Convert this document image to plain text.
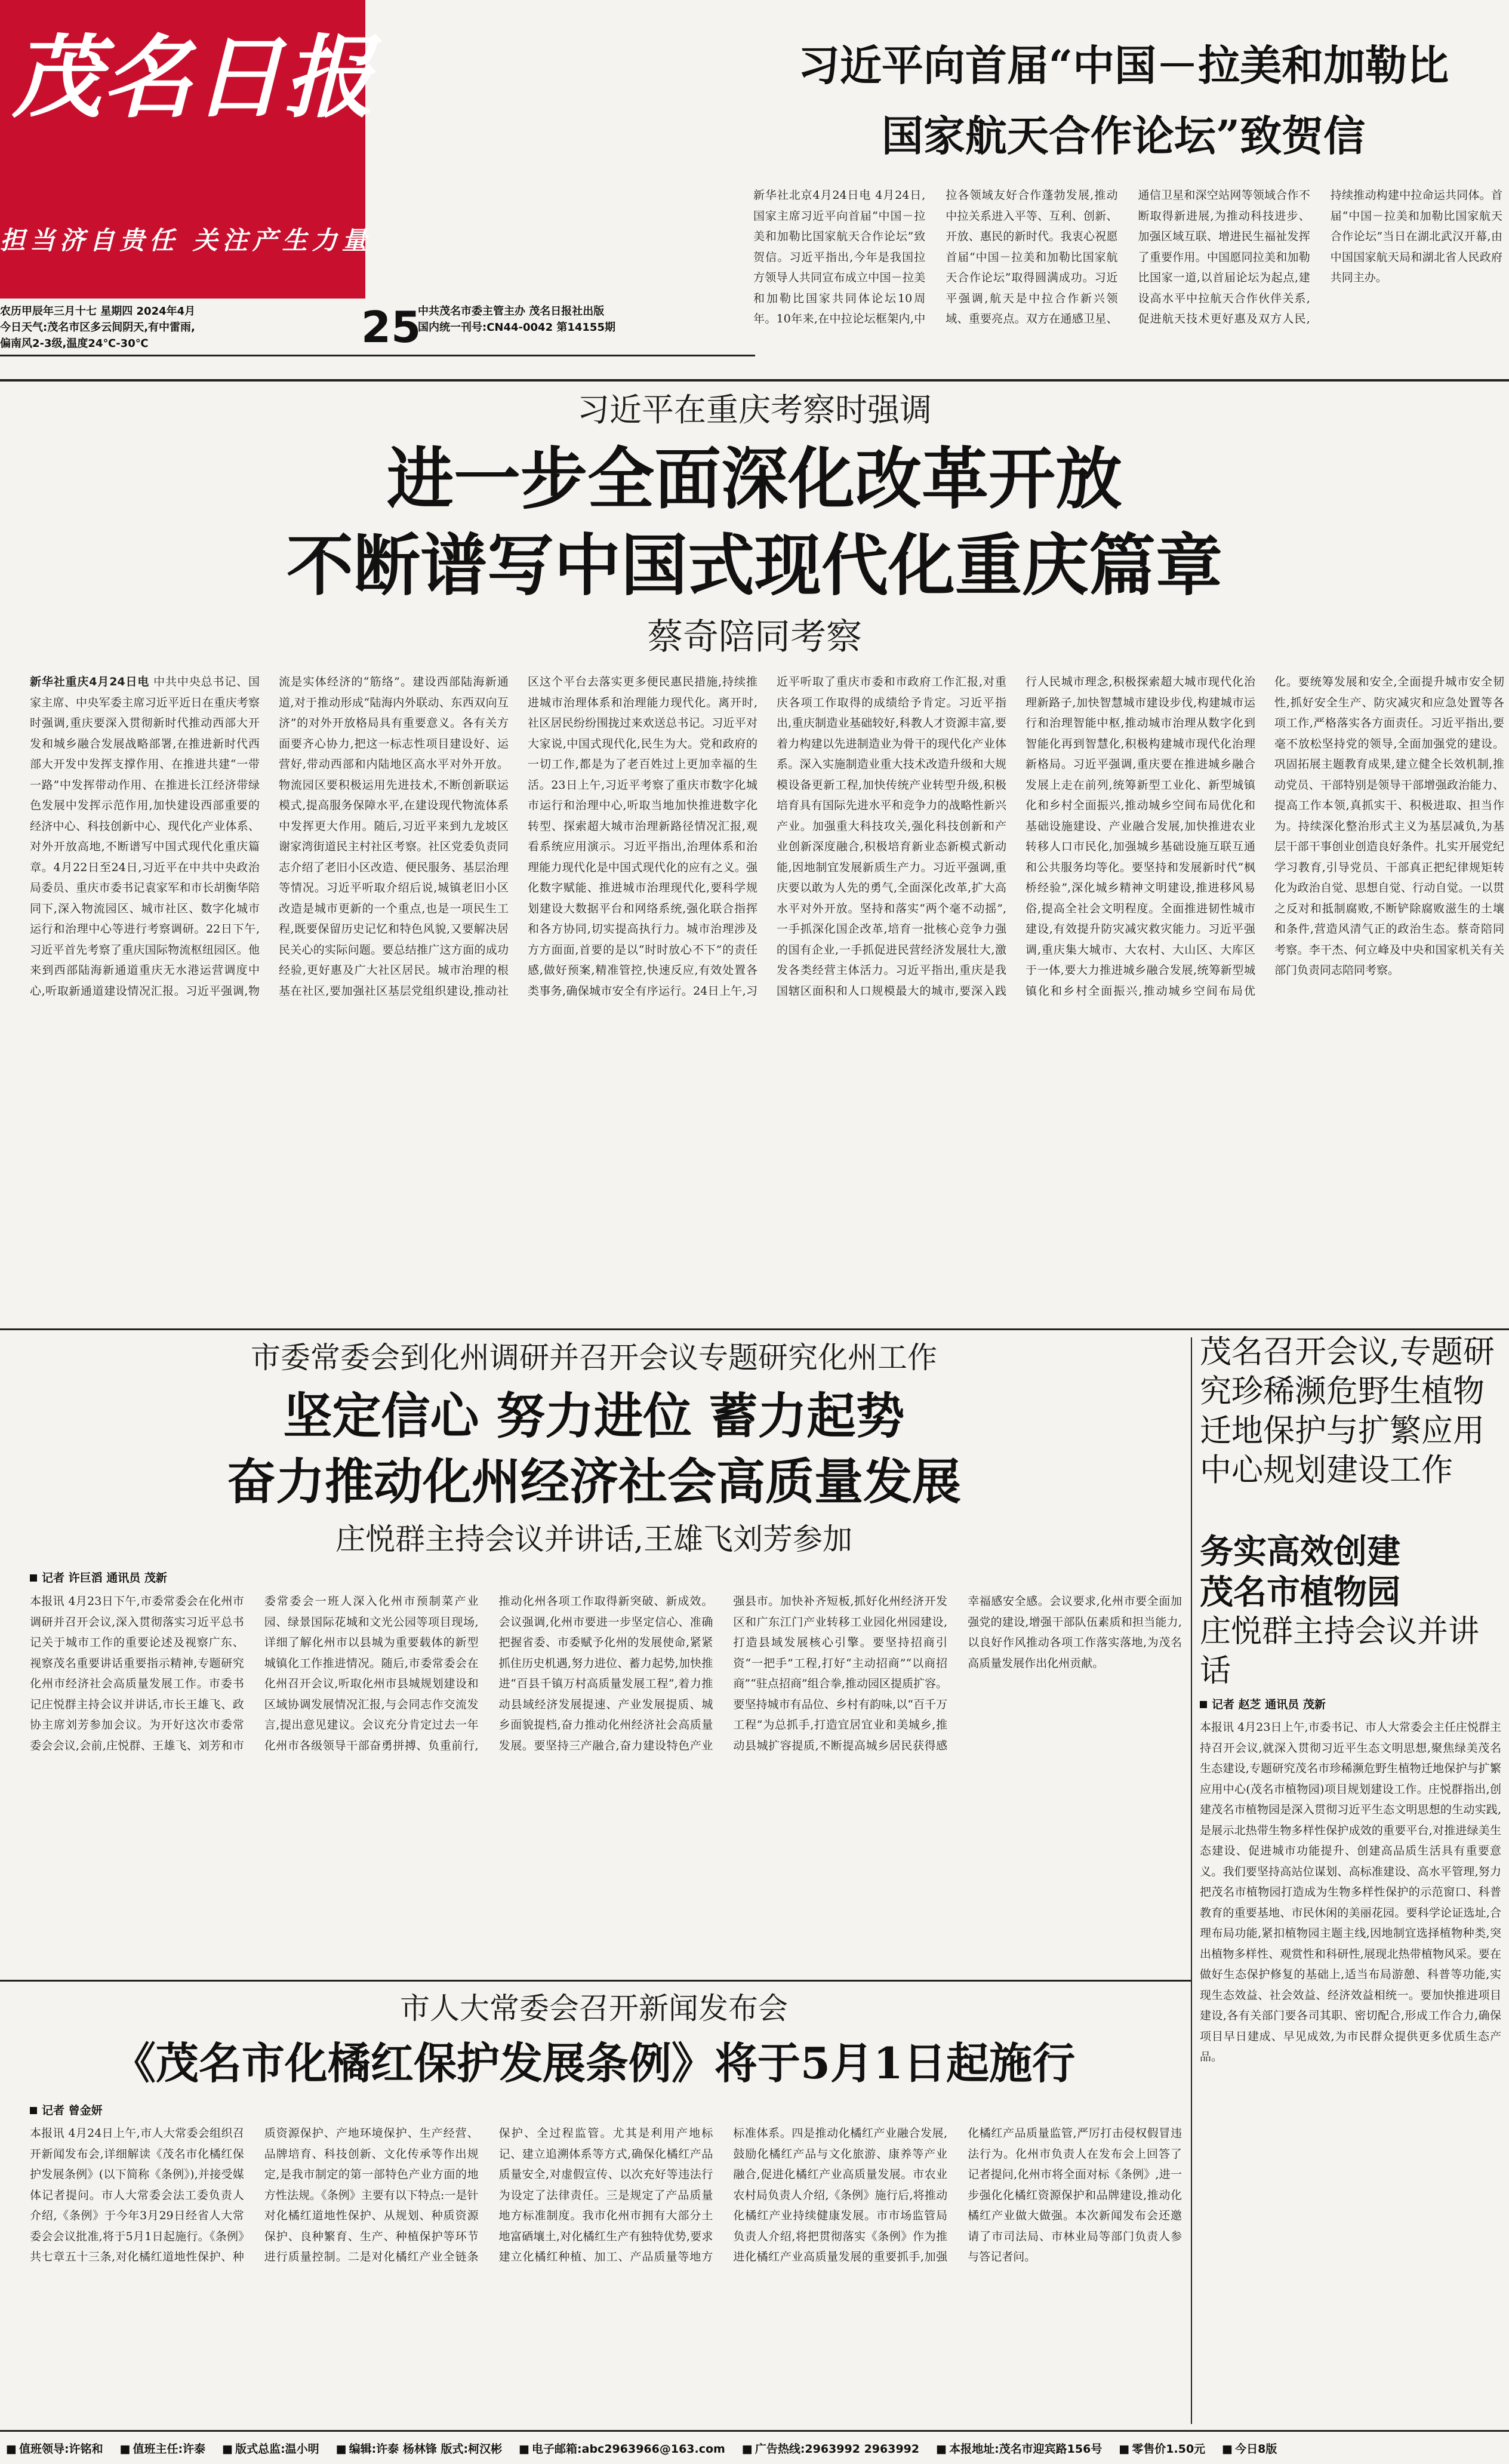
茂名日报
担当济自贵任 关注产生力量
农历甲辰年三月十七 星期四 2024年4月
今日天气:茂名市区多云间阴天,有中雷雨,
偏南风2-3级,温度24℃-30℃	25
中共茂名市委主管主办 茂名日报社出版
国内统一刊号:CN44-0042 第14155期
习近平向首届“中国－拉美和加勒比
国家航天合作论坛”致贺信
新华社北京4月24日电 4月24日,国家主席习近平向首届“中国－拉美和加勒比国家航天合作论坛”致贺信。习近平指出,今年是我国拉方领导人共同宣布成立中国－拉美和加勒比国家共同体论坛10周年。10年来,在中拉论坛框架内,中拉各领域友好合作蓬勃发展,推动中拉关系进入平等、互利、创新、开放、惠民的新时代。我衷心祝愿首届“中国－拉美和加勒比国家航天合作论坛”取得圆满成功。习近平强调,航天是中拉合作新兴领域、重要亮点。双方在通感卫星、通信卫星和深空站网等领域合作不断取得新进展,为推动科技进步、加强区域互联、增进民生福祉发挥了重要作用。中国愿同拉美和加勒比国家一道,以首届论坛为起点,建设高水平中拉航天合作伙伴关系,促进航天技术更好惠及双方人民,持续推动构建中拉命运共同体。首届“中国－拉美和加勒比国家航天合作论坛”当日在湖北武汉开幕,由中国国家航天局和湖北省人民政府共同主办。
习近平在重庆考察时强调
进一步全面深化改革开放
不断谱写中国式现代化重庆篇章
蔡奇陪同考察
新华社重庆4月24日电 中共中央总书记、国家主席、中央军委主席习近平近日在重庆考察时强调,重庆要深入贯彻新时代推动西部大开发和城乡融合发展战略部署,在推进新时代西部大开发中发挥支撑作用、在推进共建“一带一路”中发挥带动作用、在推进长江经济带绿色发展中发挥示范作用,加快建设西部重要的经济中心、科技创新中心、现代化产业体系、对外开放高地,不断谱写中国式现代化重庆篇章。4月22日至24日,习近平在中共中央政治局委员、重庆市委书记袁家军和市长胡衡华陪同下,深入物流园区、城市社区、数字化城市运行和治理中心等进行考察调研。22日下午,习近平首先考察了重庆国际物流枢纽园区。他来到西部陆海新通道重庆无水港运营调度中心,听取新通道建设情况汇报。习近平强调,物流是实体经济的“筋络”。建设西部陆海新通道,对于推动形成“陆海内外联动、东西双向互济”的对外开放格局具有重要意义。各有关方面要齐心协力,把这一标志性项目建设好、运营好,带动西部和内陆地区高水平对外开放。物流园区要积极运用先进技术,不断创新联运模式,提高服务保障水平,在建设现代物流体系中发挥更大作用。随后,习近平来到九龙坡区谢家湾街道民主村社区考察。社区党委负责同志介绍了老旧小区改造、便民服务、基层治理等情况。习近平听取介绍后说,城镇老旧小区改造是城市更新的一个重点,也是一项民生工程,既要保留历史记忆和特色风貌,又要解决居民关心的实际问题。要总结推广这方面的成功经验,更好惠及广大社区居民。城市治理的根基在社区,要加强社区基层党组织建设,推动社区这个平台去落实更多便民惠民措施,持续推进城市治理体系和治理能力现代化。离开时,社区居民纷纷围拢过来欢送总书记。习近平对大家说,中国式现代化,民生为大。党和政府的一切工作,都是为了老百姓过上更加幸福的生活。23日上午,习近平考察了重庆市数字化城市运行和治理中心,听取当地加快推进数字化转型、探索超大城市治理新路径情况汇报,观看系统应用演示。习近平指出,治理体系和治理能力现代化是中国式现代化的应有之义。强化数字赋能、推进城市治理现代化,要科学规划建设大数据平台和网络系统,强化联合指挥和各方协同,切实提高执行力。城市治理涉及方方面面,首要的是以“时时放心不下”的责任感,做好预案,精准管控,快速反应,有效处置各类事务,确保城市安全有序运行。24日上午,习近平听取了重庆市委和市政府工作汇报,对重庆各项工作取得的成绩给予肯定。习近平指出,重庆制造业基础较好,科教人才资源丰富,要着力构建以先进制造业为骨干的现代化产业体系。深入实施制造业重大技术改造升级和大规模设备更新工程,加快传统产业转型升级,积极培育具有国际先进水平和竞争力的战略性新兴产业。加强重大科技攻关,强化科技创新和产业创新深度融合,积极培育新业态新模式新动能,因地制宜发展新质生产力。习近平强调,重庆要以敢为人先的勇气,全面深化改革,扩大高水平对外开放。坚持和落实“两个毫不动摇”,一手抓深化国企改革,培育一批核心竞争力强的国有企业,一手抓促进民营经济发展壮大,激发各类经营主体活力。习近平指出,重庆是我国辖区面积和人口规模最大的城市,要深入践行人民城市理念,积极探索超大城市现代化治理新路子,加快智慧城市建设步伐,构建城市运行和治理智能中枢,推动城市治理从数字化到智能化再到智慧化,积极构建城市现代化治理新格局。习近平强调,重庆要在推进城乡融合发展上走在前列,统筹新型工业化、新型城镇化和乡村全面振兴,推动城乡空间布局优化和基础设施建设、产业融合发展,加快推进农业转移人口市民化,加强城乡基础设施互联互通和公共服务均等化。要坚持和发展新时代“枫桥经验”,深化城乡精神文明建设,推进移风易俗,提高全社会文明程度。全面推进韧性城市建设,有效提升防灾减灾救灾能力。习近平强调,重庆集大城市、大农村、大山区、大库区于一体,要大力推进城乡融合发展,统筹新型城镇化和乡村全面振兴,推动城乡空间布局优化。要统筹发展和安全,全面提升城市安全韧性,抓好安全生产、防灾减灾和应急处置等各项工作,严格落实各方面责任。习近平指出,要毫不放松坚持党的领导,全面加强党的建设。巩固拓展主题教育成果,建立健全长效机制,推动党员、干部特别是领导干部增强政治能力、提高工作本领,真抓实干、积极进取、担当作为。持续深化整治形式主义为基层减负,为基层干部干事创业创造良好条件。扎实开展党纪学习教育,引导党员、干部真正把纪律规矩转化为政治自觉、思想自觉、行动自觉。一以贯之反对和抵制腐败,不断铲除腐败滋生的土壤和条件,营造风清气正的政治生态。蔡奇陪同考察。李干杰、何立峰及中央和国家机关有关部门负责同志陪同考察。
市委常委会到化州调研并召开会议专题研究化州工作
坚定信心 努力进位 蓄力起势
奋力推动化州经济社会高质量发展
庄悦群主持会议并讲话,王雄飞刘芳参加
记者 许巨滔 通讯员 茂新
本报讯 4月23日下午,市委常委会在化州市调研并召开会议,深入贯彻落实习近平总书记关于城市工作的重要论述及视察广东、视察茂名重要讲话重要指示精神,专题研究化州市经济社会高质量发展工作。市委书记庄悦群主持会议并讲话,市长王雄飞、政协主席刘芳参加会议。为开好这次市委常委会会议,会前,庄悦群、王雄飞、刘芳和市委常委会一班人深入化州市预制菜产业园、绿景国际花城和文光公园等项目现场,详细了解化州市以县城为重要载体的新型城镇化工作推进情况。随后,市委常委会在化州召开会议,听取化州市县城规划建设和区域协调发展情况汇报,与会同志作交流发言,提出意见建议。会议充分肯定过去一年化州市各级领导干部奋勇拼搏、负重前行,推动化州各项工作取得新突破、新成效。会议强调,化州市要进一步坚定信心、准确把握省委、市委赋予化州的发展使命,紧紧抓住历史机遇,努力进位、蓄力起势,加快推进“百县千镇万村高质量发展工程”,着力推动县域经济发展提速、产业发展提质、城乡面貌提档,奋力推动化州经济社会高质量发展。要坚持三产融合,奋力建设特色产业强县市。加快补齐短板,抓好化州经济开发区和广东江门产业转移工业园化州园建设,打造县域发展核心引擎。要坚持招商引资“一把手”工程,打好“主动招商”“以商招商”“驻点招商”组合拳,推动园区提质扩容。要坚持城市有品位、乡村有韵味,以“百千万工程”为总抓手,打造宜居宜业和美城乡,推动县城扩容提质,不断提高城乡居民获得感幸福感安全感。会议要求,化州市要全面加强党的建设,增强干部队伍素质和担当能力,以良好作风推动各项工作落实落地,为茂名高质量发展作出化州贡献。
茂名召开会议,专题研究珍稀濒危野生植物迁地保护与扩繁应用中心规划建设工作
务实高效创建
茂名市植物园
庄悦群主持会议并讲话
记者 赵芝 通讯员 茂新
本报讯 4月23日上午,市委书记、市人大常委会主任庄悦群主持召开会议,就深入贯彻习近平生态文明思想,聚焦绿美茂名生态建设,专题研究茂名市珍稀濒危野生植物迁地保护与扩繁应用中心(茂名市植物园)项目规划建设工作。庄悦群指出,创建茂名市植物园是深入贯彻习近平生态文明思想的生动实践,是展示北热带生物多样性保护成效的重要平台,对推进绿美生态建设、促进城市功能提升、创建高品质生活具有重要意义。我们要坚持高站位谋划、高标准建设、高水平管理,努力把茂名市植物园打造成为生物多样性保护的示范窗口、科普教育的重要基地、市民休闲的美丽花园。要科学论证选址,合理布局功能,紧扣植物园主题主线,因地制宜选择植物种类,突出植物多样性、观赏性和科研性,展现北热带植物风采。要在做好生态保护修复的基础上,适当布局游憩、科普等功能,实现生态效益、社会效益、经济效益相统一。要加快推进项目建设,各有关部门要各司其职、密切配合,形成工作合力,确保项目早日建成、早见成效,为市民群众提供更多优质生态产品。
市人大常委会召开新闻发布会
《茂名市化橘红保护发展条例》将于5月1日起施行
记者 曾金妍
本报讯 4月24日上午,市人大常委会组织召开新闻发布会,详细解读《茂名市化橘红保护发展条例》(以下简称《条例》),并接受媒体记者提问。市人大常委会法工委负责人介绍,《条例》于今年3月29日经省人大常委会会议批准,将于5月1日起施行。《条例》共七章五十三条,对化橘红道地性保护、种质资源保护、产地环境保护、生产经营、品牌培育、科技创新、文化传承等作出规定,是我市制定的第一部特色产业方面的地方性法规。《条例》主要有以下特点:一是针对化橘红道地性保护、从规划、种质资源保护、良种繁育、生产、种植保护等环节进行质量控制。二是对化橘红产业全链条保护、全过程监管。尤其是利用产地标记、建立追溯体系等方式,确保化橘红产品质量安全,对虚假宣传、以次充好等违法行为设定了法律责任。三是规定了产品质量地方标准制度。我市化州市拥有大部分土地富硒壤土,对化橘红生产有独特优势,要求建立化橘红种植、加工、产品质量等地方标准体系。四是推动化橘红产业融合发展,鼓励化橘红产品与文化旅游、康养等产业融合,促进化橘红产业高质量发展。市农业农村局负责人介绍,《条例》施行后,将推动化橘红产业持续健康发展。市市场监管局负责人介绍,将把贯彻落实《条例》作为推进化橘红产业高质量发展的重要抓手,加强化橘红产品质量监管,严厉打击侵权假冒违法行为。化州市负责人在发布会上回答了记者提问,化州市将全面对标《条例》,进一步强化化橘红资源保护和品牌建设,推动化橘红产业做大做强。本次新闻发布会还邀请了市司法局、市林业局等部门负责人参与答记者问。
■ 值班领导:许铭和	■ 值班主任:许泰	■ 版式总监:温小明	■ 编辑:许泰 杨林锋 版式:柯汉彬	■ 电子邮箱:abc2963966@163.com	■ 广告热线:2963992 2963992	■ 本报地址:茂名市迎宾路156号	■ 零售价1.50元	■ 今日8版
